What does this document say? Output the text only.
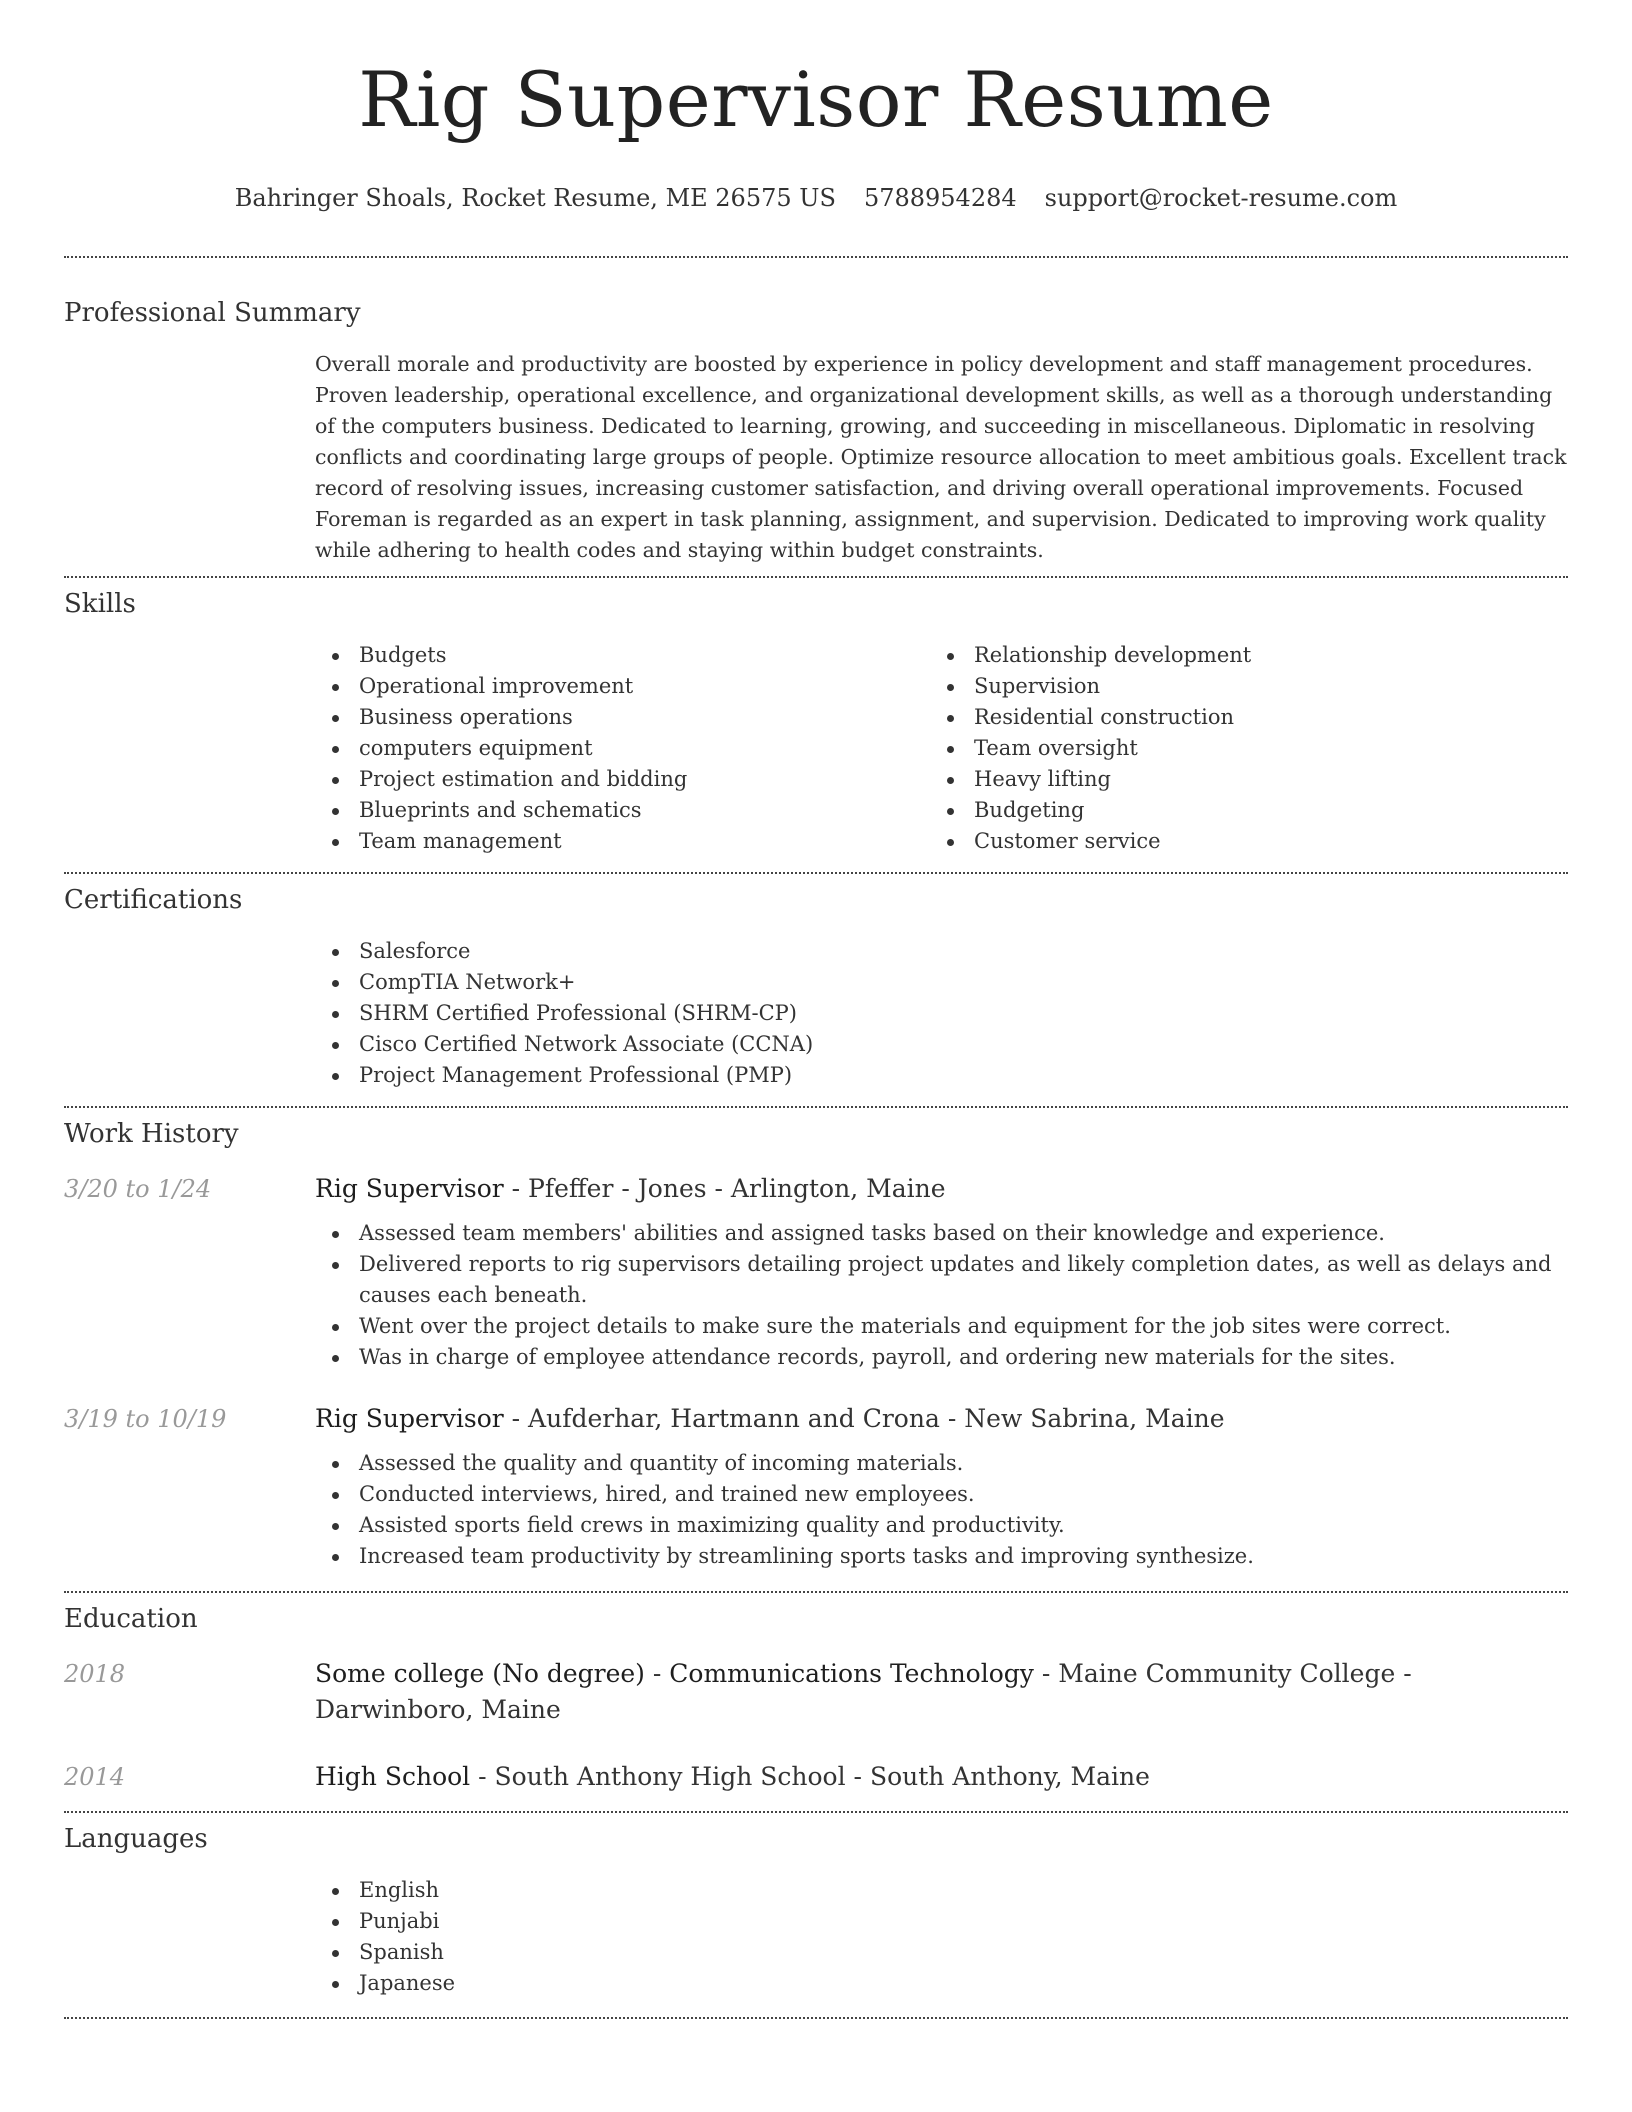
Rig Supervisor Resume
Bahringer Shoals, Rocket Resume, ME 26575 US 5788954284 support@rocket-resume.com
Professional Summary

Overall morale and productivity are boosted by experience in policy development and staff management procedures. Proven leadership, operational excellence, and organizational development skills, as well as a thorough understanding of the computers business. Dedicated to learning, growing, and succeeding in miscellaneous. Diplomatic in resolving conflicts and coordinating large groups of people. Optimize resource allocation to meet ambitious goals. Excellent track record of resolving issues, increasing customer satisfaction, and driving overall operational improvements. Focused Foreman is regarded as an expert in task planning, assignment, and supervision. Dedicated to improving work quality while adhering to health codes and staying within budget constraints.

Skills
Budgets
Operational improvement
Business operations
computers equipment
Project estimation and bidding
Blueprints and schematics
Team management
Relationship development
Supervision
Residential construction
Team oversight
Heavy lifting
Budgeting
Customer service
Certifications
Salesforce
CompTIA Network+
SHRM Certified Professional (SHRM-CP)
Cisco Certified Network Associate (CCNA)
Project Management Professional (PMP)
Work History
3/20 to 1/24	Rig Supervisor - Pfeffer - Jones - Arlington, Maine
Assessed team members' abilities and assigned tasks based on their knowledge and experience.
Delivered reports to rig supervisors detailing project updates and likely completion dates, as well as delays and causes each beneath.
Went over the project details to make sure the materials and equipment for the job sites were correct.
Was in charge of employee attendance records, payroll, and ordering new materials for the sites.
3/19 to 10/19	Rig Supervisor - Aufderhar, Hartmann and Crona - New Sabrina, Maine
Assessed the quality and quantity of incoming materials.
Conducted interviews, hired, and trained new employees.
Assisted sports field crews in maximizing quality and productivity.
Increased team productivity by streamlining sports tasks and improving synthesize.
Education
2018	Some college (No degree) - Communications Technology - Maine Community College - Darwinboro, Maine
2014	High School - South Anthony High School - South Anthony, Maine
Languages
English
Punjabi
Spanish
Japanese
